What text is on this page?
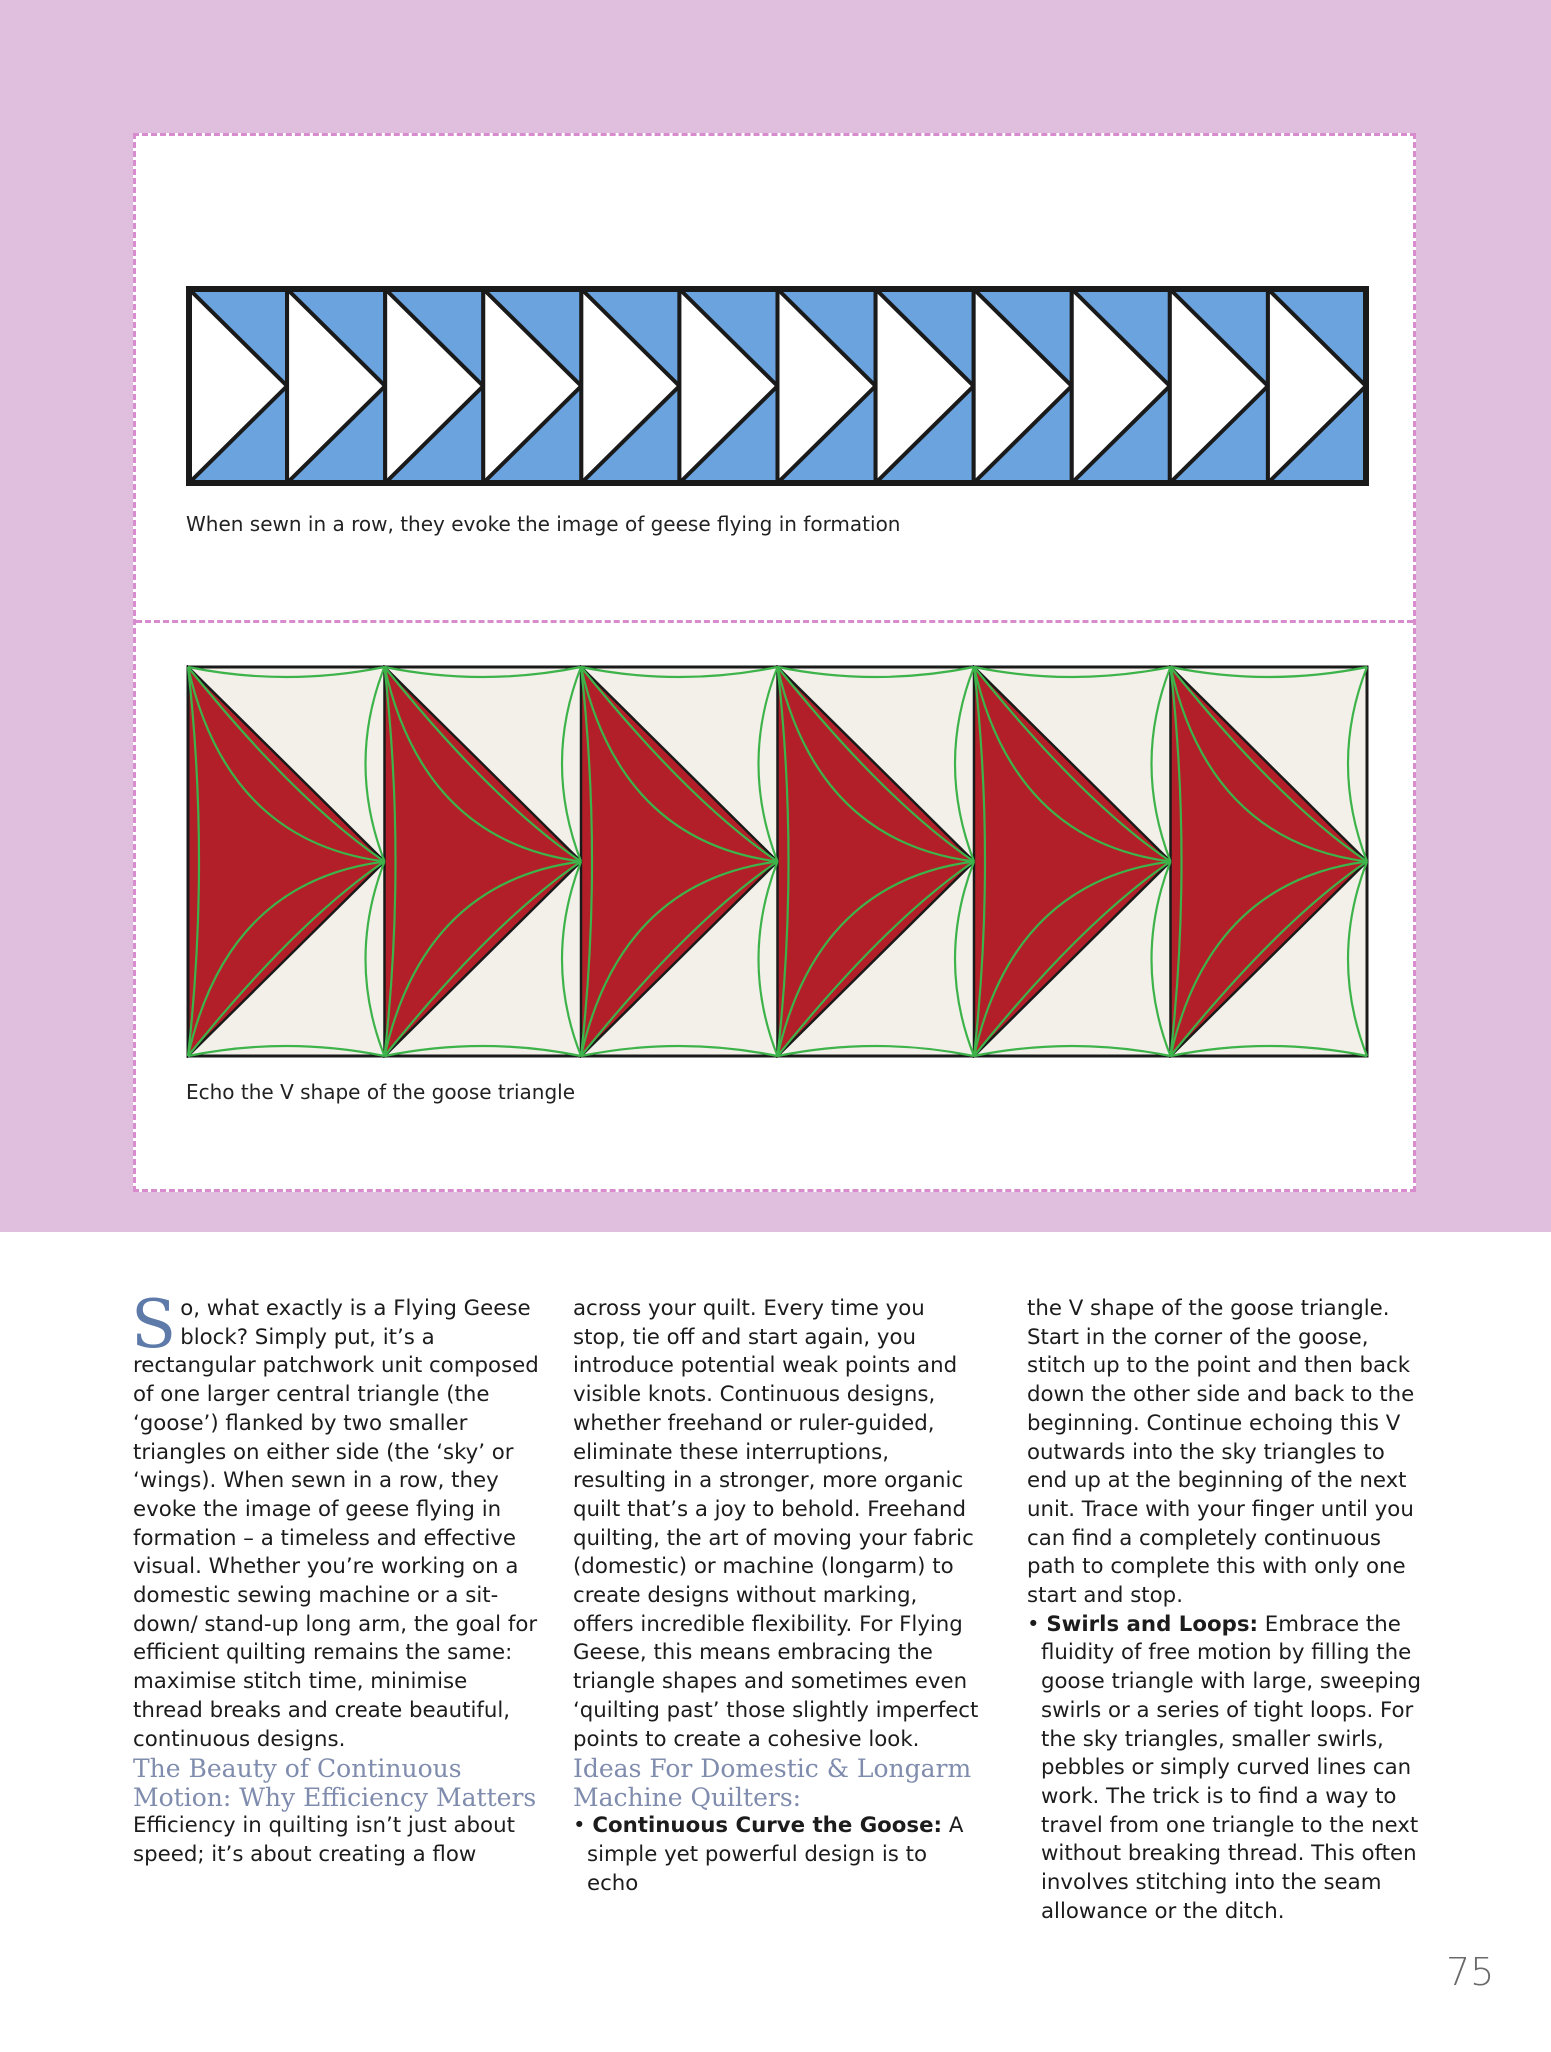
When sewn in a row, they evoke the image of geese flying in formation
Echo the V shape of the goose triangle

So, what exactly is a Flying Geese block? Simply put, it’s a rectangular patchwork unit composed of one larger central triangle (the ‘goose’) flanked by two smaller triangles on either side (the ‘sky’ or ‘wings). When sewn in a row, they evoke the image of geese flying in formation – a timeless and effective visual. Whether you’re working on a domestic sewing machine or a sit-down/ stand-up long arm, the goal for efficient quilting remains the same: maximise stitch time, minimise thread breaks and create beautiful, continuous designs.

The Beauty of Continuous Motion: Why Efficiency Matters

Efficiency in quilting isn’t just about speed; it’s about creating a flow

across your quilt. Every time you stop, tie off and start again, you introduce potential weak points and visible knots. Continuous designs, whether freehand or ruler-guided, eliminate these interruptions, resulting in a stronger, more organic quilt that’s a joy to behold. Freehand quilting, the art of moving your fabric (domestic) or machine (longarm) to create designs without marking, offers incredible flexibility. For Flying Geese, this means embracing the triangle shapes and sometimes even ‘quilting past’ those slightly imperfect points to create a cohesive look.

Ideas For Domestic & Longarm Machine Quilters:

• Continuous Curve the Goose: A simple yet powerful design is to echo

the V shape of the goose triangle. Start in the corner of the goose, stitch up to the point and then back down the other side and back to the beginning. Continue echoing this V outwards into the sky triangles to end up at the beginning of the next unit. Trace with your finger until you can find a completely continuous path to complete this with only one start and stop.

• Swirls and Loops: Embrace the fluidity of free motion by filling the goose triangle with large, sweeping swirls or a series of tight loops. For the sky triangles, smaller swirls, pebbles or simply curved lines can work. The trick is to find a way to travel from one triangle to the next without breaking thread. This often involves stitching into the seam allowance or the ditch.

75
